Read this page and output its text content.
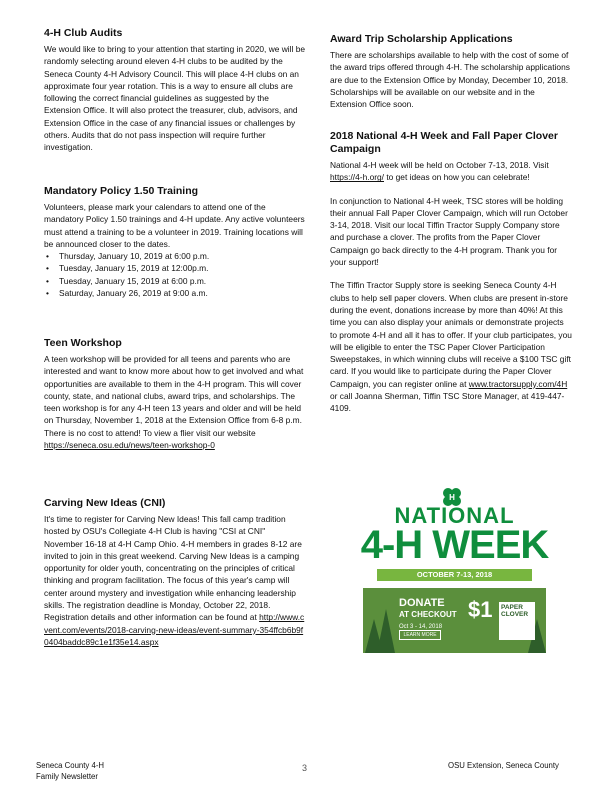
4-H Club Audits

We would like to bring to your attention that starting in 2020, we will be randomly selecting around eleven 4-H clubs to be audited by the Seneca County 4-H Advisory Council. This will place 4-H clubs on an approximate four year rotation. This is a way to ensure all clubs are following the correct financial guidelines as suggested by the Extension Office. It will also protect the treasurer, club, advisors, and Extension Office in the case of any financial issues or challenges by others. Audits that do not pass inspection will require further investigation.

Mandatory Policy 1.50 Training

Volunteers, please mark your calendars to attend one of the mandatory Policy 1.50 trainings and 4-H update. Any active volunteers must attend a training to be a volunteer in 2019. Training locations will be announced closer to the dates.

• Thursday, January 10, 2019 at 6:00 p.m.
• Tuesday, January 15, 2019 at 12:00p.m.
• Tuesday, January 15, 2019 at 6:00 p.m.
• Saturday, January 26, 2019 at 9:00 a.m.
Teen Workshop

A teen workshop will be provided for all teens and parents who are interested and want to know more about how to get involved and what opportunities are available to them in the 4-H program. This will cover county, state, and national clubs, award trips, and scholarships. The teen workshop is for any 4-H teen 13 years and older and will be held on Thursday, November 1, 2018 at the Extension Office from 6-8 p.m. There is no cost to attend! To view a flier visit our website https://seneca.osu.edu/news/teen-workshop-0

Carving New Ideas (CNI)

It's time to register for Carving New Ideas! This fall camp tradition hosted by OSU's Collegiate 4-H Club is having "CSI at CNI" November 16-18 at 4-H Camp Ohio. 4-H members in grades 8-12 are invited to join in this great weekend. Carving New Ideas is a camping opportunity for older youth, concentrating on the principles of critical thinking and program facilitation. The focus of this year's camp will center around mystery and investigation while enhancing leadership skills. The registration deadline is Monday, October 22, 2018. Registration details and other information can be found at http://www.cvent.com/events/2018-carving-new-ideas/event-summary-354ffcb6b9f0404baddc89c1e1f35e14.aspx

Award Trip Scholarship Applications

There are scholarships available to help with the cost of some of the award trips offered through 4-H. The scholarship applications are due to the Extension Office by Monday, December 10, 2018. Scholarships will be available on our website and in the Extension Office soon.

2018 National 4-H Week and Fall Paper Clover Campaign

National 4-H week will be held on October 7-13, 2018. Visit https://4-h.org/ to get ideas on how you can celebrate!

In conjunction to National 4-H week, TSC stores will be holding their annual Fall Paper Clover Campaign, which will run October 3-14, 2018. Visit our local Tiffin Tractor Supply Company store and purchase a clover. The profits from the Paper Clover Campaign go back directly to the 4-H program. Thank you for your support!

The Tiffin Tractor Supply store is seeking Seneca County 4-H clubs to help sell paper clovers. When clubs are present in-store during the event, donations increase by more than 40%! At this time you can also display your animals or demonstrate projects to promote 4-H and all it has to offer. If your club participates, you will be eligible to enter the TSC Paper Clover Participation Sweepstakes, in which winning clubs will receive a $100 TSC gift card. If you would like to participate during the Paper Clover Campaign, you can register online at www.tractorsupply.com/4H or call Joanna Sherman, Tiffin TSC Store Manager, at 419-447-4109.

H
NATIONAL
4-H WEEK
OCTOBER 7-13, 2018
DONATE
AT CHECKOUT
Oct 3 - 14, 2018
$1
LEARN MORE
PAPER CLOVER
Seneca County 4-H
Family Newsletter
3	OSU Extension, Seneca County
